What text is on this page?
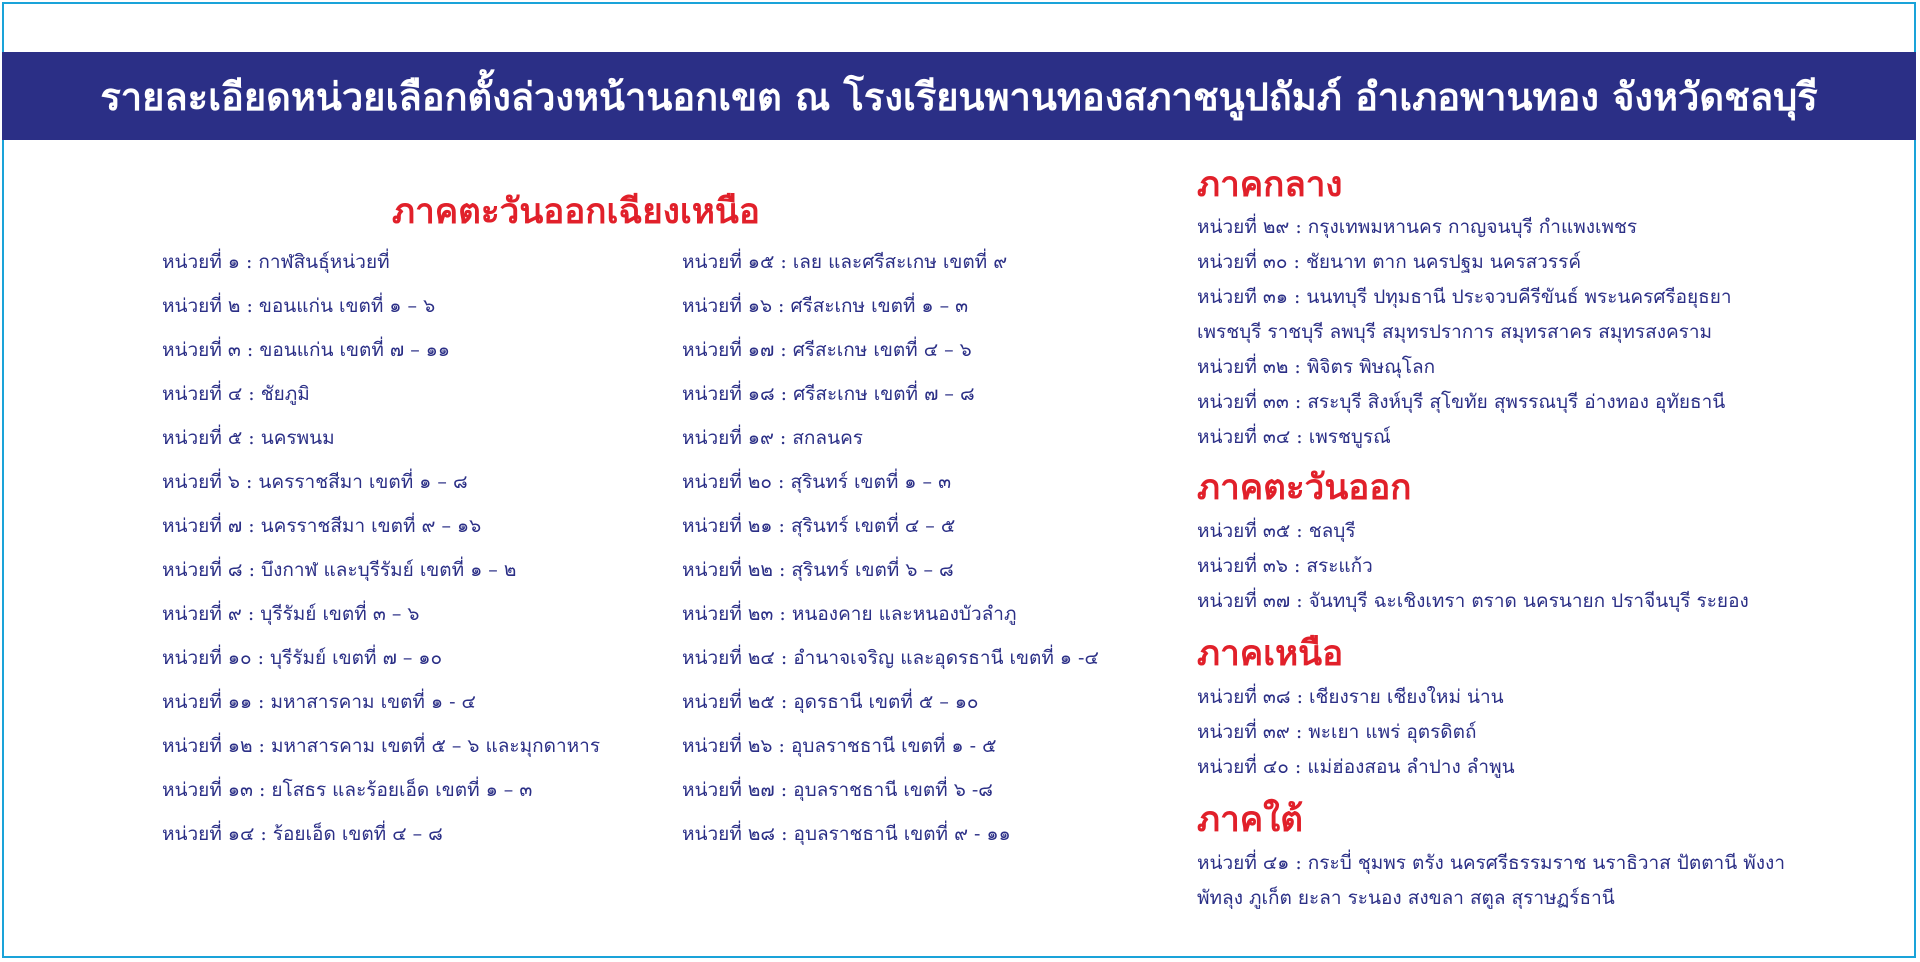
รายละเอียดหน่วยเลือกตั้งล่วงหน้านอกเขต ณ โรงเรียนพานทองสภาชนูปถัมภ์ อำเภอพานทอง จังหวัดชลบุรี
ภาคตะวันออกเฉียงเหนือ
หน่วยที่ ๑ : กาฬสินธุ์หน่วยที่
หน่วยที่ ๒ : ขอนแก่น เขตที่ ๑ – ๖
หน่วยที่ ๓ : ขอนแก่น เขตที่ ๗ – ๑๑
หน่วยที่ ๔ : ชัยภูมิ
หน่วยที่ ๕ : นครพนม
หน่วยที่ ๖ : นครราชสีมา เขตที่ ๑ – ๘
หน่วยที่ ๗ : นครราชสีมา เขตที่ ๙ – ๑๖
หน่วยที่ ๘ : บึงกาฬ และบุรีรัมย์ เขตที่ ๑ – ๒
หน่วยที่ ๙ : บุรีรัมย์ เขตที่ ๓ – ๖
หน่วยที่ ๑๐ : บุรีรัมย์ เขตที่ ๗ – ๑๐
หน่วยที่ ๑๑ : มหาสารคาม เขตที่ ๑ - ๔
หน่วยที่ ๑๒ : มหาสารคาม เขตที่ ๕ – ๖ และมุกดาหาร
หน่วยที่ ๑๓ : ยโสธร และร้อยเอ็ด เขตที่ ๑ – ๓
หน่วยที่ ๑๔ : ร้อยเอ็ด เขตที่ ๔ – ๘
หน่วยที่ ๑๕ : เลย และศรีสะเกษ เขตที่ ๙
หน่วยที่ ๑๖ : ศรีสะเกษ เขตที่ ๑ – ๓
หน่วยที่ ๑๗ : ศรีสะเกษ เขตที่ ๔ – ๖
หน่วยที่ ๑๘ : ศรีสะเกษ เขตที่ ๗ – ๘
หน่วยที่ ๑๙ : สกลนคร
หน่วยที่ ๒๐ : สุรินทร์ เขตที่ ๑ – ๓
หน่วยที่ ๒๑ : สุรินทร์ เขตที่ ๔ – ๕
หน่วยที่ ๒๒ : สุรินทร์ เขตที่ ๖ – ๘
หน่วยที่ ๒๓ : หนองคาย และหนองบัวลำภู
หน่วยที่ ๒๔ : อำนาจเจริญ และอุดรธานี เขตที่ ๑ -๔
หน่วยที่ ๒๕ : อุดรธานี เขตที่ ๕ – ๑๐
หน่วยที่ ๒๖ : อุบลราชธานี เขตที่ ๑ - ๕
หน่วยที่ ๒๗ : อุบลราชธานี เขตที่ ๖ -๘
หน่วยที่ ๒๘ : อุบลราชธานี เขตที่ ๙ - ๑๑
ภาคกลาง
หน่วยที่ ๒๙ : กรุงเทพมหานคร กาญจนบุรี กำแพงเพชร
หน่วยที่ ๓๐ : ชัยนาท ตาก นครปฐม นครสวรรค์
หน่วยที ๓๑ : นนทบุรี ปทุมธานี ประจวบคีรีขันธ์ พระนครศรีอยุธยา
เพรชบุรี ราชบุรี ลพบุรี สมุทรปราการ สมุทรสาคร สมุทรสงคราม
หน่วยที่ ๓๒ : พิจิตร พิษณุโลก
หน่วยที่ ๓๓ : สระบุรี สิงห์บุรี สุโขทัย สุพรรณบุรี อ่างทอง อุทัยธานี
หน่วยที่ ๓๔ : เพรชบูรณ์
ภาคตะวันออก
หน่วยที่ ๓๕ : ชลบุรี
หน่วยที่ ๓๖ : สระแก้ว
หน่วยที่ ๓๗ : จันทบุรี ฉะเชิงเทรา ตราด นครนายก ปราจีนบุรี ระยอง
ภาคเหนือ
หน่วยที่ ๓๘ : เชียงราย เชียงใหม่ น่าน
หน่วยที่ ๓๙ : พะเยา แพร่ อุตรดิตถ์
หน่วยที่ ๔๐ : แม่ฮ่องสอน ลำปาง ลำพูน
ภาคใต้
หน่วยที่ ๔๑ : กระบี่ ชุมพร ตรัง นครศรีธรรมราช นราธิวาส ปัตตานี พังงา
พัทลุง ภูเก็ต ยะลา ระนอง สงขลา สตูล สุราษฏร์ธานี
